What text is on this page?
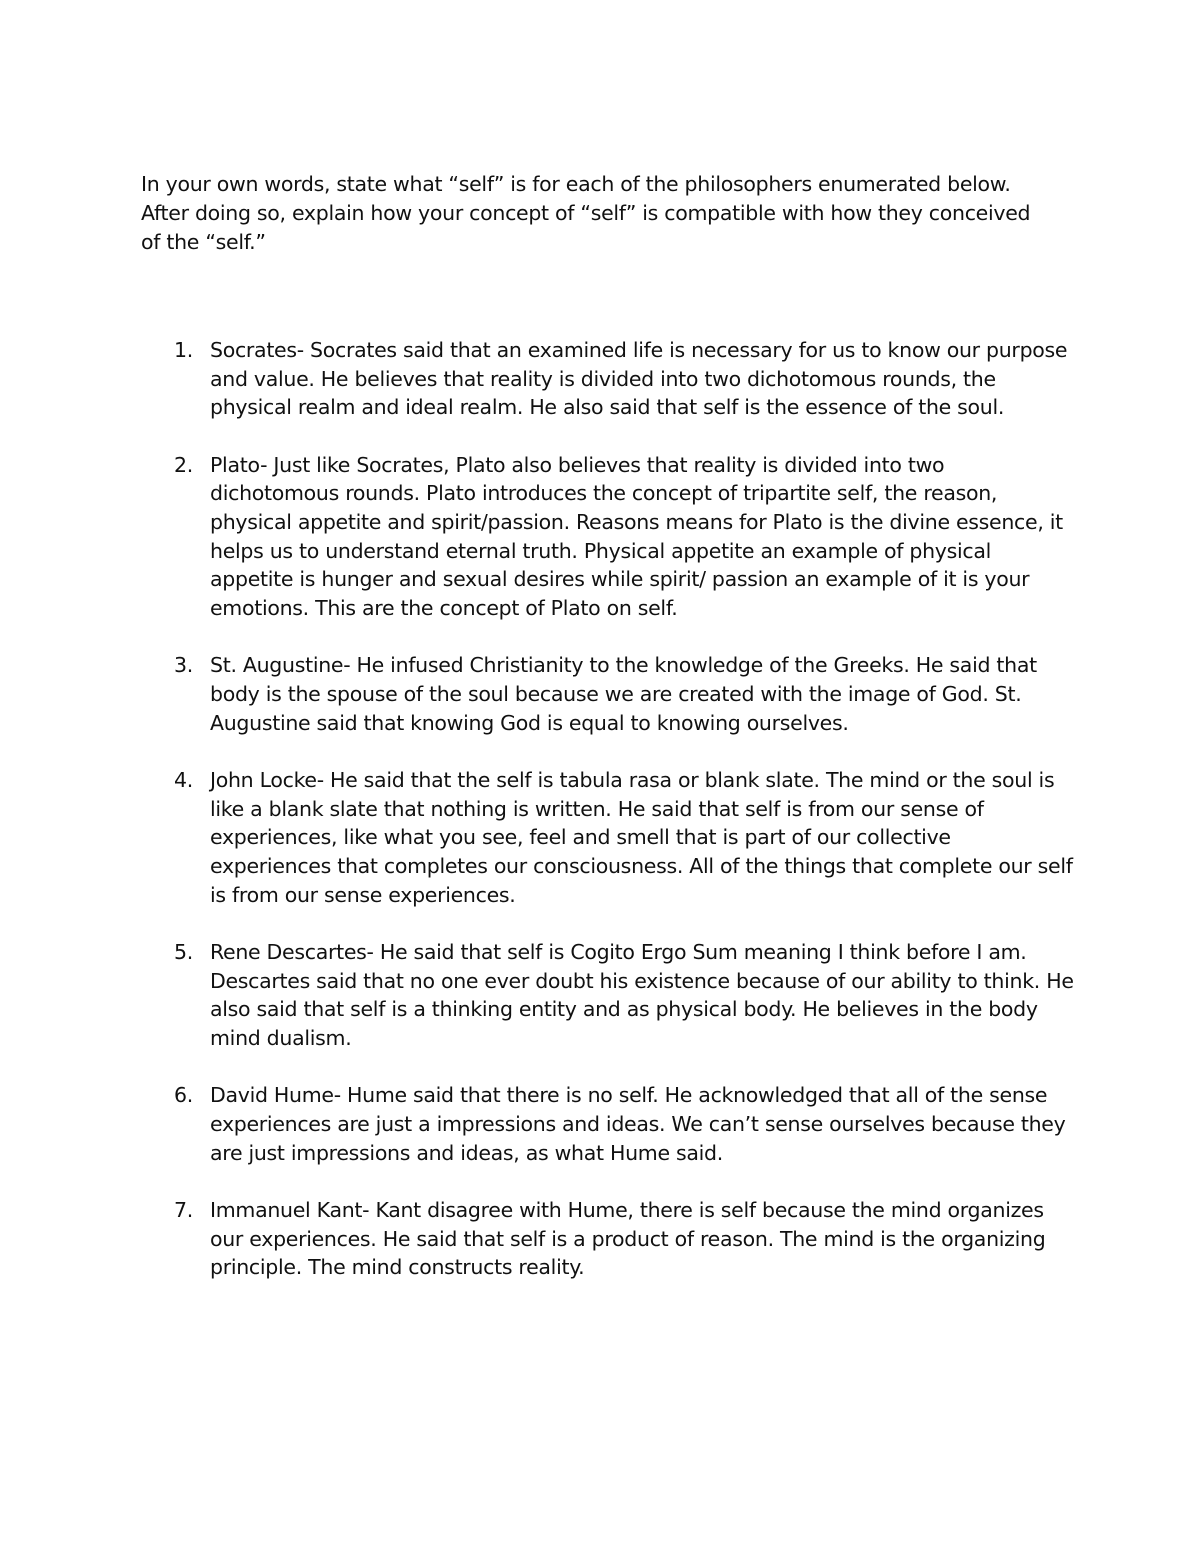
In your own words, state what “self” is for each of the philosophers enumerated below. After doing so, explain how your concept of “self” is compatible with how they conceived of the “self.”

1. Socrates- Socrates said that an examined life is necessary for us to know our purpose and value. He believes that reality is divided into two dichotomous rounds, the physical realm and ideal realm. He also said that self is the essence of the soul.
2. Plato- Just like Socrates, Plato also believes that reality is divided into two dichotomous rounds. Plato introduces the concept of tripartite self, the reason, physical appetite and spirit/passion. Reasons means for Plato is the divine essence, it helps us to understand eternal truth. Physical appetite an example of physical appetite is hunger and sexual desires while spirit/ passion an example of it is your emotions. This are the concept of Plato on self.
3. St. Augustine- He infused Christianity to the knowledge of the Greeks. He said that body is the spouse of the soul because we are created with the image of God. St. Augustine said that knowing God is equal to knowing ourselves.
4. John Locke- He said that the self is tabula rasa or blank slate. The mind or the soul is like a blank slate that nothing is written. He said that self is from our sense of experiences, like what you see, feel and smell that is part of our collective experiences that completes our consciousness. All of the things that complete our self is from our sense experiences.
5. Rene Descartes- He said that self is Cogito Ergo Sum meaning I think before I am. Descartes said that no one ever doubt his existence because of our ability to think. He also said that self is a thinking entity and as physical body. He believes in the body mind dualism.
6. David Hume- Hume said that there is no self. He acknowledged that all of the sense experiences are just a impressions and ideas. We can’t sense ourselves because they are just impressions and ideas, as what Hume said.
7. Immanuel Kant- Kant disagree with Hume, there is self because the mind organizes our experiences. He said that self is a product of reason. The mind is the organizing principle. The mind constructs reality.
